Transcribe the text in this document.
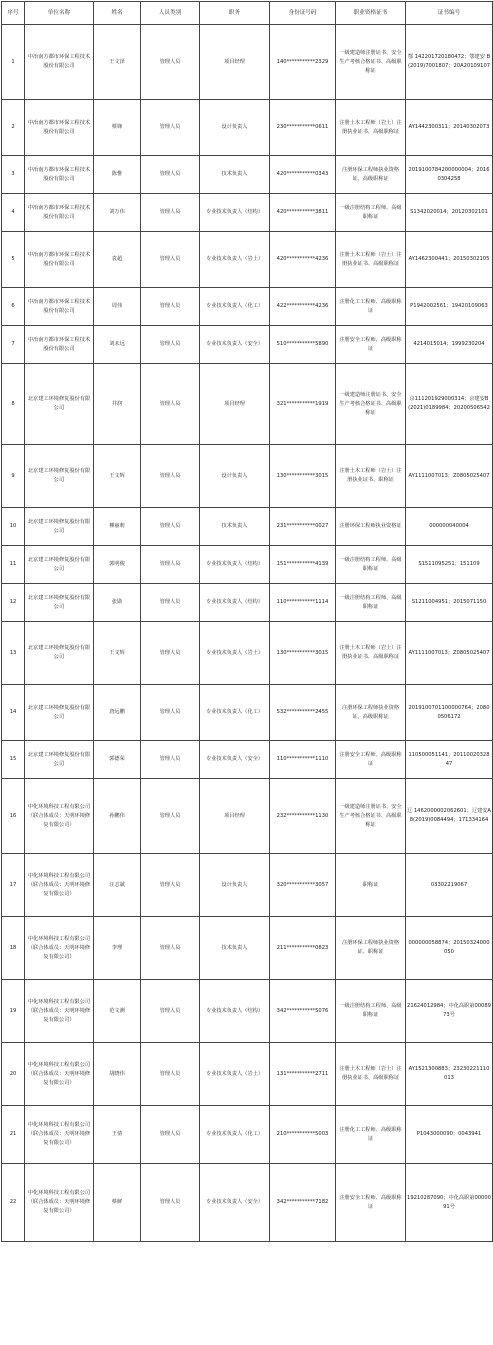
序号	单位名称	姓名	人员类别	职务	身份证号码	职业资格证书	证书编号
1	中冶南方都市环保工程技术股份有限公司	王文泽	管理人员	项目经理	140***********2329	一级建造师注册证书、安全生产考核合格证书、高级职称证	鄂 142201720180472；鄂建安 B(2019)7001807；20A20109107
2	中冶南方都市环保工程技术股份有限公司	蔡锋	管理人员	设计负责人	230***********0611	注册土木工程师（岩土）注册执业证书、高级职称证	AY1442300311；20140302073
3	中冶南方都市环保工程技术股份有限公司	陈惟	管理人员	技术负责人	420***********0343	注册环保工程师执业资格证、高级职称证	2019100784200000004；20160304258
4	中冶南方都市环保工程技术股份有限公司	刘万伟	管理人员	专业技术负责人（结构）	420***********3811	一级注册结构工程师、高级职称证	S1342020014；20120302101
5	中冶南方都市环保工程技术股份有限公司	袁超	管理人员	专业技术负责人（岩土）	420***********4236	注册土木工程师（岩土）注册执业证书、高级职称证	AY1462300441；20150302105
6	中冶南方都市环保工程技术股份有限公司	周伟	管理人员	专业技术负责人（化工）	422***********4236	注册化工工程师、高级职称证	P1942002561；19420109063
7	中冶南方都市环保工程技术股份有限公司	刘未远	管理人员	专业技术负责人（安全）	510***********5890	注册安全工程师、高级职称证	4214015014；1999230204
8	北京建工环境修复股份有限公司	井润	管理人员	项目经理	321***********1919	一级建造师注册证书、安全生产考核合格证书、高级职称证	京111201929000314；京建安B(2021)0189984；20200506542
9	北京建工环境修复股份有限公司	王文辉	管理人员	设计负责人	130***********3015	注册土木工程师（岩土）注册执业证书、职称证	AY1111007013；Z0805025407
10	北京建工环境修复股份有限公司	柳丽莉	管理人员	技术负责人	231***********0027	注册环保工程师执业资格证	000000040004
11	北京建工环境修复股份有限公司	郭明俊	管理人员	专业技术负责人（结构）	151***********4139	一级注册结构工程师、高级职称证	S1511095251；151109
12	北京建工环境修复股份有限公司	张勋	管理人员	专业技术负责人（结构）	110***********1114	一级注册结构工程师、高级职称证	S1211004951；2015071150
13	北京建工环境修复股份有限公司	王文辉	管理人员	专业技术负责人（岩土）	130***********3015	注册土木工程师（岩土）注册执业证书、高级职称证	AY1111007013；Z0805025407
14	北京建工环境修复股份有限公司	唐远鹏	管理人员	专业技术负责人（化工）	532***********2455	注册环保工程师执业资格证、高级职称证	2019100701100000764；20800506172
15	北京建工环境修复股份有限公司	郭德荣	管理人员	专业技术负责人（安全）	110***********1110	注册安全工程师、高级职称证	110500051141；2011002032847
16	中化环境科技工程有限公司（联合体成员：天明环境修复有限公司）	孙鹏伟	管理人员	项目经理	232***********1130	一级建造师注册证书、安全生产考核合格证书、高级职称证	辽 1462000002062601；辽建安A8(2019)0084494；171334164
17	中化环境科技工程有限公司（联合体成员：天明环境修复有限公司）	汪志斌	管理人员	设计负责人	320***********3057	职称证	03302219067
18	中化环境科技工程有限公司（联合体成员：天明环境修复有限公司）	李理	管理人员	技术负责人	211***********0823	注册环保工程师执业资格证、职称证	000000058874；20150324000050
19	中化环境科技工程有限公司（联合体成员：天明环境修复有限公司）	范文测	管理人员	专业技术负责人（结构）	342***********5076	一级注册结构工程师、高级职称证	21624012984；中化高职第0008973号
20	中化环境科技工程有限公司（联合体成员：天明环境修复有限公司）	胡晓伟	管理人员	专业技术负责人（岩土）	131***********2711	注册土木工程师（岩土）注册执业证书、高级职称证	AY1521300883；23230221110013
21	中化环境科技工程有限公司（联合体成员：天明环境修复有限公司）	王倩	管理人员	专业技术负责人（化工）	210***********5003	注册化工工程师、高级职称证	P1043000090；0043941
22	中化环境科技工程有限公司（联合体成员：天明环境修复有限公司）	蔡鲜	管理人员	专业技术负责人（安全）	342***********7182	注册安全工程师、高级职称证	19210287090；中化高职第0000091号
